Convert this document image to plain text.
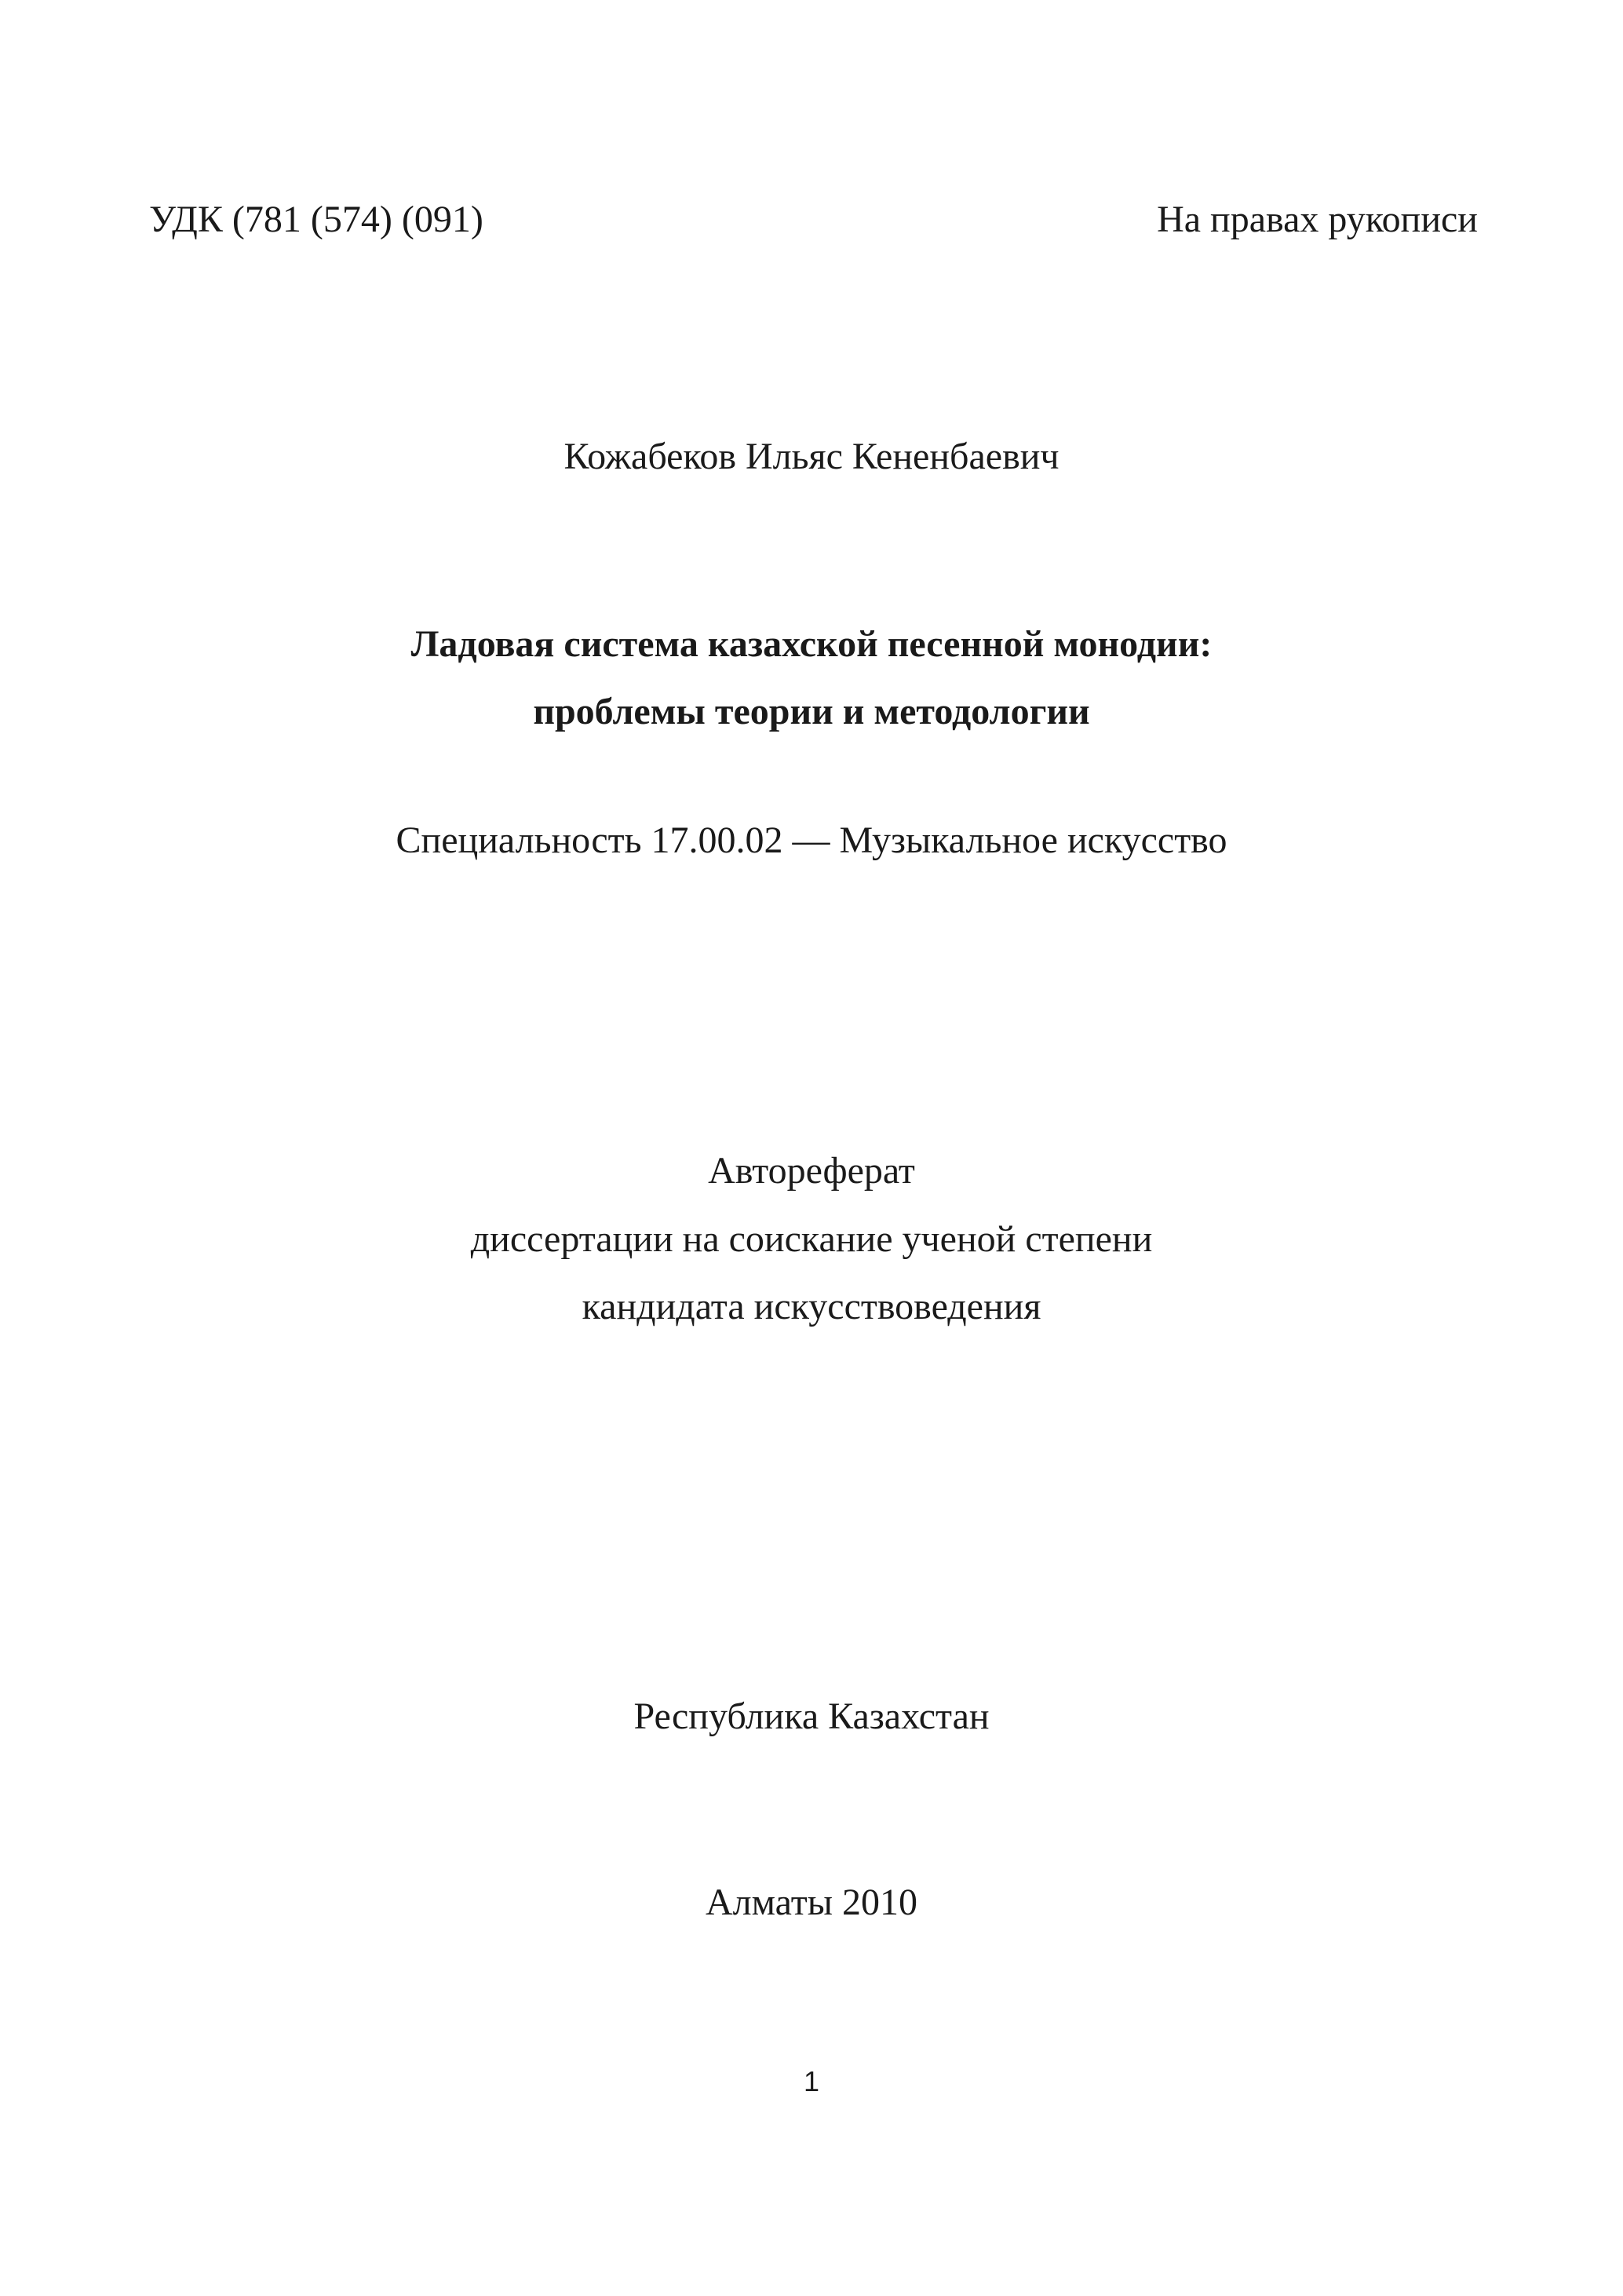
УДК (781 (574) (091)	На правах рукописи
Кожабеков Ильяс Кененбаевич
Ладовая система казахской песенной монодии:
проблемы теории и методологии
Специальность 17.00.02 — Музыкальное искусство
Автореферат
диссертации на соискание ученой степени
кандидата искусствоведения
Республика Казахстан
Алматы 2010
1
